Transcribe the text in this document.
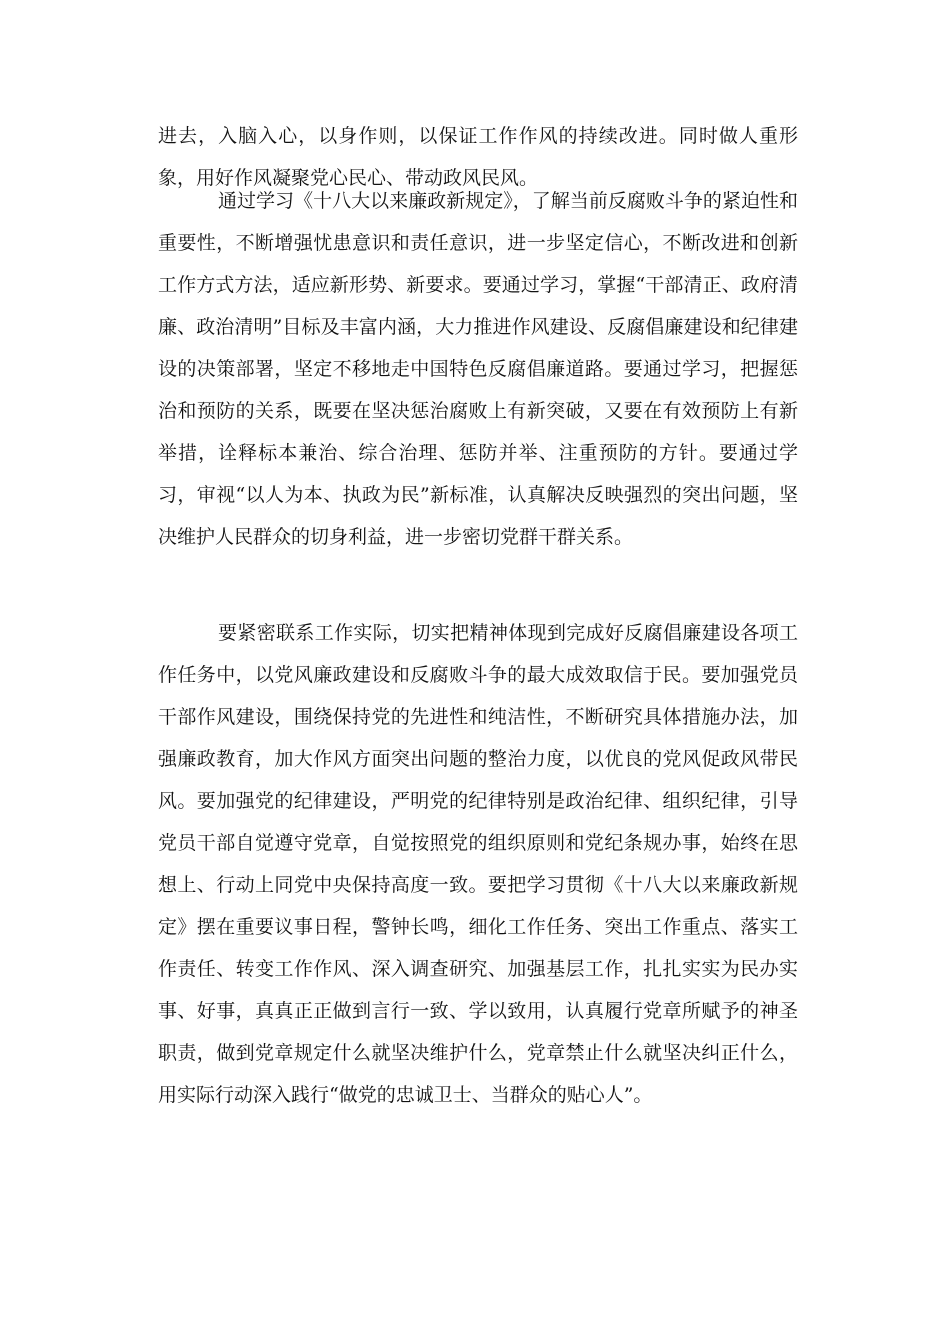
进去，入脑入心，以身作则，以保证工作作风的持续改进。同时做人重形象，用好作风凝聚党心民心、带动政风民风。

通过学习《十八大以来廉政新规定》，了解当前反腐败斗争的紧迫性和重要性，不断增强忧患意识和责任意识，进一步坚定信心，不断改进和创新工作方式方法，适应新形势、新要求。要通过学习，掌握“干部清正、政府清廉、政治清明”目标及丰富内涵，大力推进作风建设、反腐倡廉建设和纪律建设的决策部署，坚定不移地走中国特色反腐倡廉道路。要通过学习，把握惩治和预防的关系，既要在坚决惩治腐败上有新突破，又要在有效预防上有新举措，诠释标本兼治、综合治理、惩防并举、注重预防的方针。要通过学习，审视“以人为本、执政为民”新标准，认真解决反映强烈的突出问题，坚决维护人民群众的切身利益，进一步密切党群干群关系。

要紧密联系工作实际，切实把精神体现到完成好反腐倡廉建设各项工作任务中，以党风廉政建设和反腐败斗争的最大成效取信于民。要加强党员干部作风建设，围绕保持党的先进性和纯洁性，不断研究具体措施办法，加强廉政教育，加大作风方面突出问题的整治力度，以优良的党风促政风带民风。要加强党的纪律建设，严明党的纪律特别是政治纪律、组织纪律，引导党员干部自觉遵守党章，自觉按照党的组织原则和党纪条规办事，始终在思想上、行动上同党中央保持高度一致。要把学习贯彻《十八大以来廉政新规定》摆在重要议事日程，警钟长鸣，细化工作任务、突出工作重点、落实工作责任、转变工作作风、深入调查研究、加强基层工作，扎扎实实为民办实事、好事，真真正正做到言行一致、学以致用，认真履行党章所赋予的神圣职责，做到党章规定什么就坚决维护什么，党章禁止什么就坚决纠正什么，用实际行动深入践行“做党的忠诚卫士、当群众的贴心人”。
